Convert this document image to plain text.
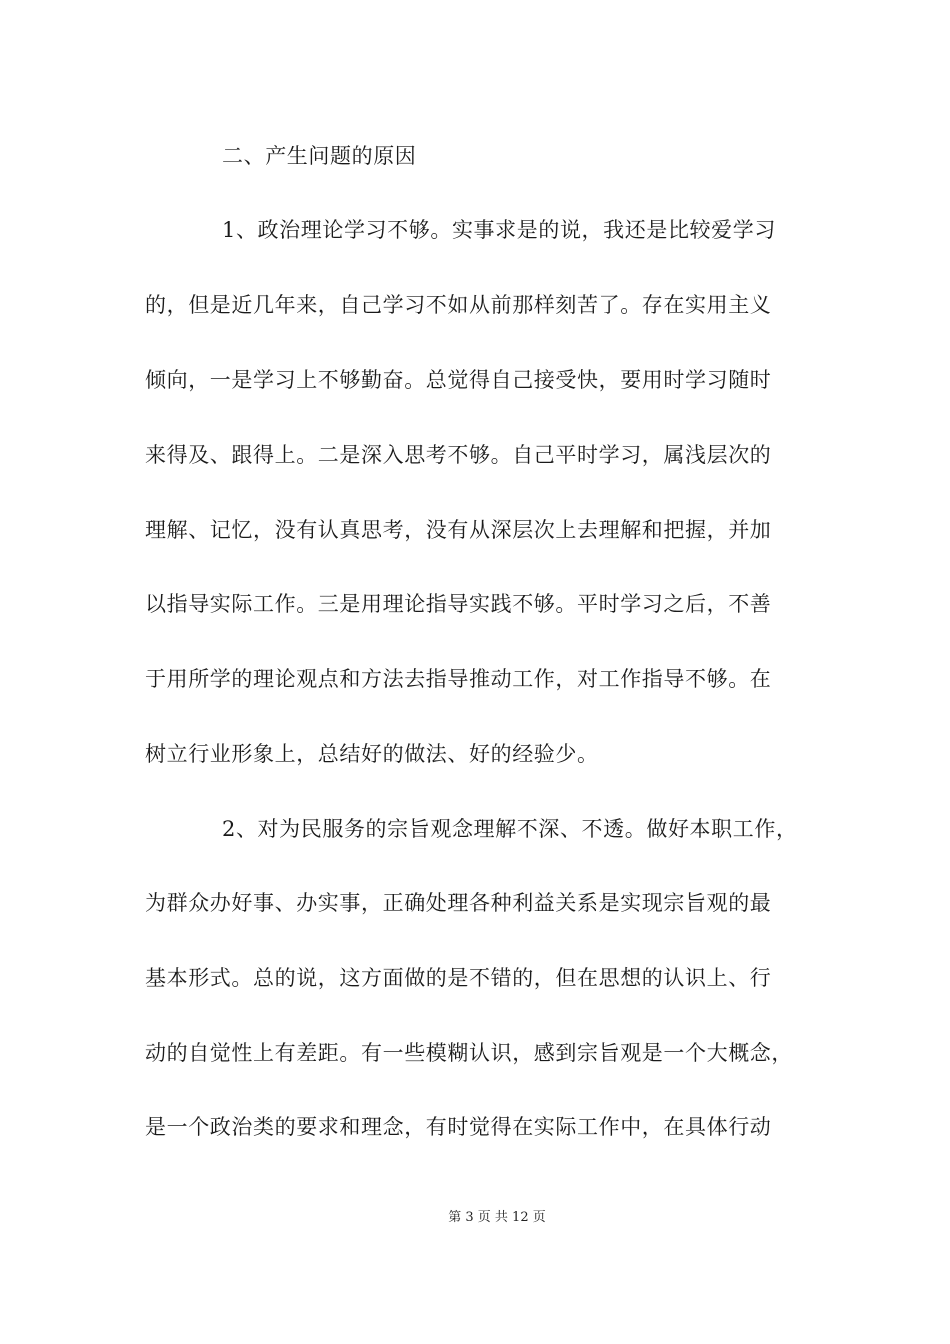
二、产生问题的原因
1、政治理论学习不够。实事求是的说，我还是比较爱学习
的，但是近几年来，自己学习不如从前那样刻苦了。存在实用主义
倾向，一是学习上不够勤奋。总觉得自己接受快，要用时学习随时
来得及、跟得上。二是深入思考不够。自己平时学习，属浅层次的
理解、记忆，没有认真思考，没有从深层次上去理解和把握，并加
以指导实际工作。三是用理论指导实践不够。平时学习之后，不善
于用所学的理论观点和方法去指导推动工作，对工作指导不够。在
树立行业形象上，总结好的做法、好的经验少。
2、对为民服务的宗旨观念理解不深、不透。做好本职工作，
为群众办好事、办实事，正确处理各种利益关系是实现宗旨观的最
基本形式。总的说，这方面做的是不错的，但在思想的认识上、行
动的自觉性上有差距。有一些模糊认识，感到宗旨观是一个大概念，
是一个政治类的要求和理念，有时觉得在实际工作中，在具体行动
第 3 页 共 12 页
